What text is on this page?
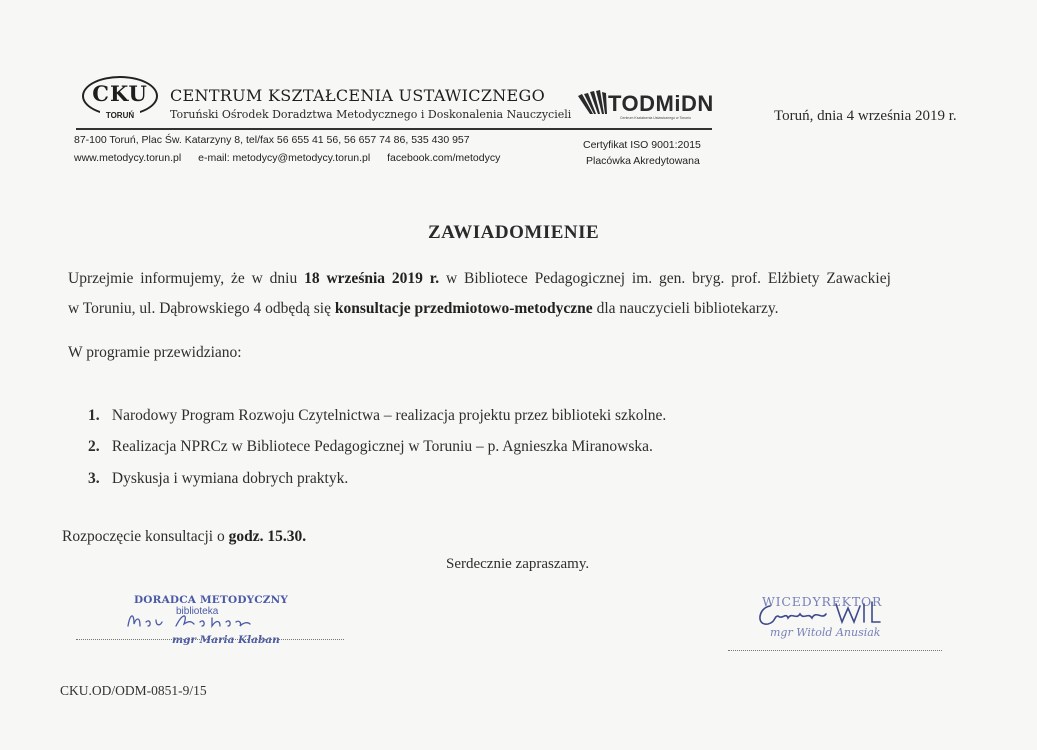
CKU
TORUŃ
CENTRUM KSZTAŁCENIA USTAWICZNEGO
Toruński Ośrodek Doradztwa Metodycznego i Doskonalenia Nauczycieli
87-100 Toruń, Plac Św. Katarzyny 8, tel/fax 56 655 41 56, 56 657 74 86, 535 430 957
www.metodycy.torun.pl e-mail: metodycy@metodycy.torun.pl facebook.com/metodycy
TODMiDN
Centrum Kształcenia Ustawicznego w Toruniu
Certyfikat ISO 9001:2015
Placówka Akredytowana
Toruń, dnia 4 września 2019 r.
ZAWIADOMIENIE
Uprzejmie informujemy, że w dniu 18 września 2019 r. w Bibliotece Pedagogicznej im. gen. bryg. prof. Elżbiety Zawackiej
w Toruniu, ul. Dąbrowskiego 4 odbędą się konsultacje przedmiotowo-metodyczne dla nauczycieli bibliotekarzy.
W programie przewidziano:
1. Narodowy Program Rozwoju Czytelnictwa – realizacja projektu przez biblioteki szkolne.
2. Realizacja NPRCz w Bibliotece Pedagogicznej w Toruniu – p. Agnieszka Miranowska.
3. Dyskusja i wymiana dobrych praktyk.
Rozpoczęcie konsultacji o godz. 15.30.
Serdecznie zapraszamy.
DORADCA METODYCZNY
biblioteka
mgr Maria Klaban
WICEDYREKTOR
mgr Witold Anusiak
CKU.OD/ODM-0851-9/15
